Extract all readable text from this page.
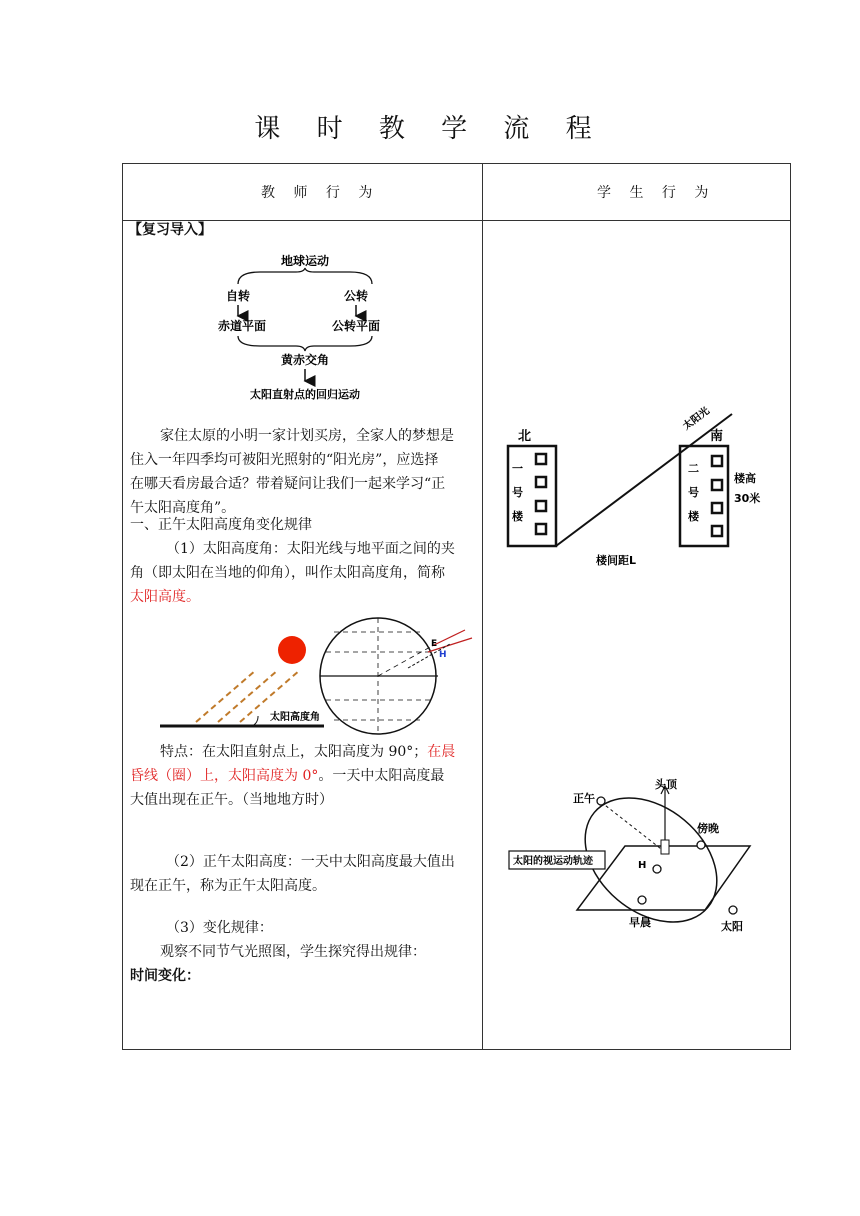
课 时 教 学 流 程
教 师 行 为	学 生 行 为
【复习导入】
地球运动
自转	公转
赤道平面	公转平面
黄赤交角
太阳直射点的回归运动
家住太原的小明一家计划买房，全家人的梦想是
住入一年四季均可被阳光照射的“阳光房”，应选择
在哪天看房最合适？带着疑问让我们一起来学习“正
午太阳高度角”。
一、正午太阳高度角变化规律
（1）太阳高度角：太阳光线与地平面之间的夹
角（即太阳在当地的仰角），叫作太阳高度角，简称
太阳高度。
太阳高度角
E
H
特点：在太阳直射点上，太阳高度为 90°；在晨
昏线（圈）上，太阳高度为 0°。一天中太阳高度最
大值出现在正午。（当地地方时）
（2）正午太阳高度：一天中太阳高度最大值出
现在正午，称为正午太阳高度。
（3）变化规律：
观察不同节气光照图，学生探究得出规律：
时间变化：
北	南
一
号
楼
二
号
楼
太阳光
楼高
30米
楼间距L
正午
头顶
傍晚
太阳的视运动轨迹	H
早晨	太阳
